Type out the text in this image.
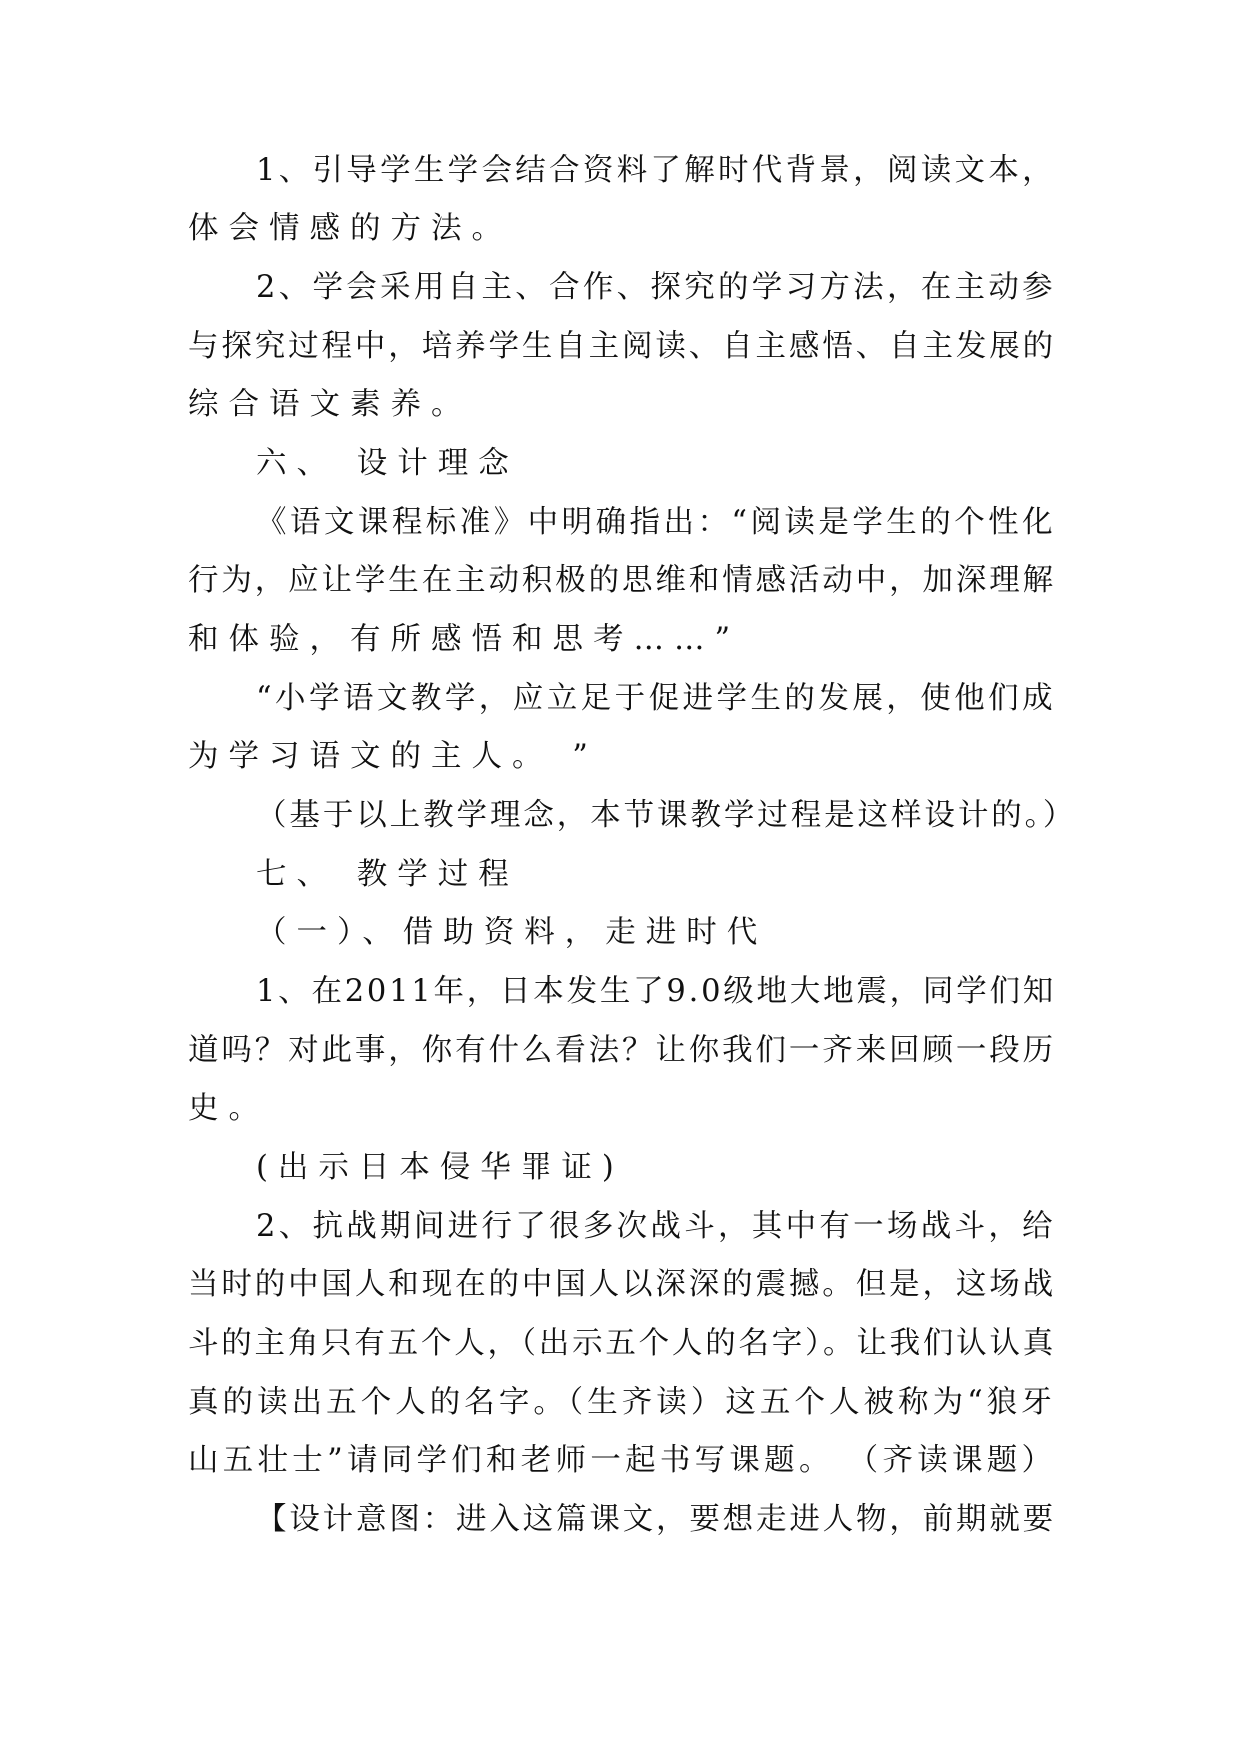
1、引导学生学会结合资料了解时代背景，阅读文本，
体会情感的方法。
2、学会采用自主、合作、探究的学习方法，在主动参
与探究过程中，培养学生自主阅读、自主感悟、自主发展的
综合语文素养。
六、 设计理念
《语文课程标准》中明确指出：“阅读是学生的个性化
行为，应让学生在主动积极的思维和情感活动中，加深理解
和体验，有所感悟和思考……”
“小学语文教学，应立足于促进学生的发展，使他们成
为学习语文的主人。 ”
（基于以上教学理念，本节课教学过程是这样设计的。）
七、 教学过程
（一）、借助资料，走进时代
1、在2011年，日本发生了9.0级地大地震，同学们知
道吗？对此事，你有什么看法？让你我们一齐来回顾一段历
史。
(出示日本侵华罪证)
2、抗战期间进行了很多次战斗，其中有一场战斗，给
当时的中国人和现在的中国人以深深的震撼。但是，这场战
斗的主角只有五个人，（出示五个人的名字）。让我们认认真
真的读出五个人的名字。（生齐读）这五个人被称为“狼牙
山五壮士”请同学们和老师一起书写课题。 （齐读课题）
【设计意图：进入这篇课文，要想走进人物，前期就要
